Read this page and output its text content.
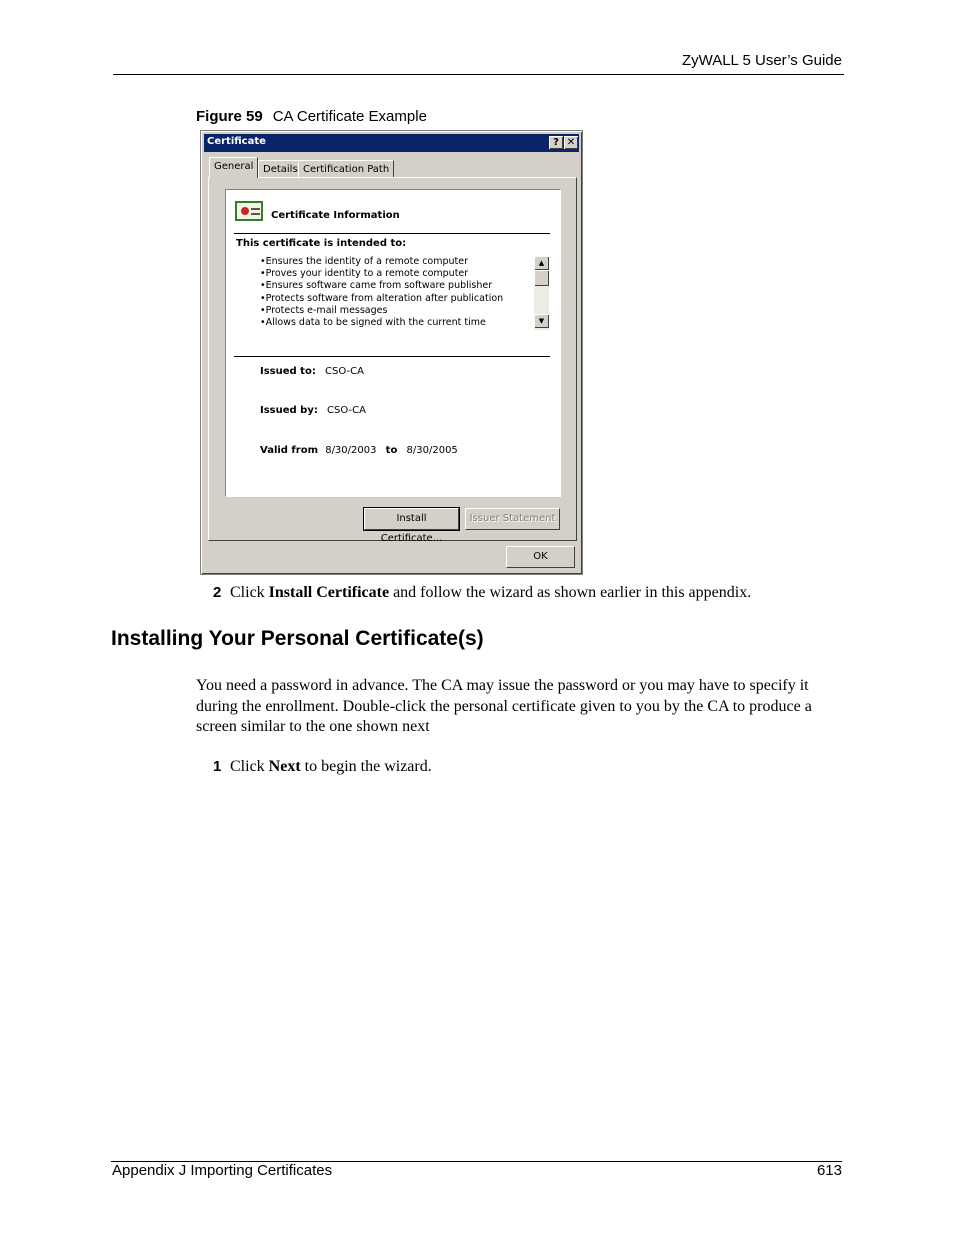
ZyWALL 5 User’s Guide
Figure 59 CA Certificate Example
Certificate	? ✕
General Details Certification Path
Certificate Information
This certificate is intended to:
•Ensures the identity of a remote computer
•Proves your identity to a remote computer
•Ensures software came from software publisher
•Protects software from alteration after publication
•Protects e-mail messages
•Allows data to be signed with the current time
▲
▼
Issued to: CSO-CA
Issued by: CSO-CA
Valid from 8/30/2003 to 8/30/2005
Install Certificate...
Issuer Statement
OK
2 Click Install Certificate and follow the wizard as shown earlier in this appendix.
Installing Your Personal Certificate(s)
You need a password in advance. The CA may issue the password or you may have to specify it during the enrollment. Double-click the personal certificate given to you by the CA to produce a screen similar to the one shown next
1 Click Next to begin the wizard.
Appendix J Importing Certificates	613
